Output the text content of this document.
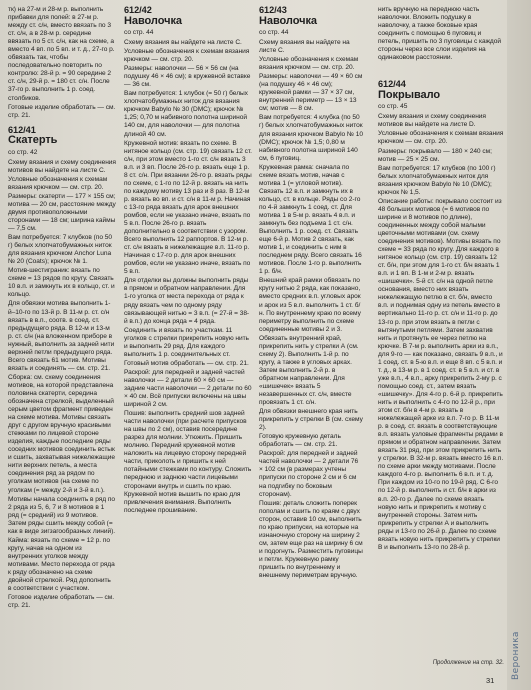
тк) на 27-м и 28-м р. выполнить прибавки для полей: в 27-м р. между ст. с/н, вместо ввязать по 3 ст. с/н, а в 28-м р. середине ввязать по 5 ст. с/н, как на схеме, а вместо 4 вп. по 5 вп. и т. д., 27-го р. обвязать так, чтобы последовательно повторить по контролю: 28-й р. = 90 середине 2 ст. с/н, 29-й р. = 180 ст. с/н. После 37-го р. выполнить 1 р. соед. столбиков.

Готовые изделие обработать — см. стр. 21.

612/41
Скатерть
со стр. 42

Схему вязания и схему соединения мотивов вы найдете на листе С.

Условные обозначения к схемам вязания крючком — см. стр. 20.

Размеры: скатерти — 177 × 155 см; мотива — 20 см, расстояние между двумя противоположными сторонами — 18 см; ширина каймы — 7,5 см.

Вам потребуется: 7 клубков (по 50 г) белых хлопчатобумажных ниток для вязания крючком Anchor Luna № 20 (Coats); крючок № 1.

Мотив-шестиграник: вязать по схеме = 13 рядов по кругу. Связать 10 в.п. и замкнуть их в кольцо, ст. и кольцо.

Для обвязки мотива выполнить 1-й–10-го по 13-й р. В 11-м р. ст. с/н вязать в в.п., соотв. в соед. ст. предыдущего ряда. В 12-м и 13-м р. ст. с/н (на вложенном приборе в нужный, выполнить за задней нити верхней петли предыдущего ряда. Всего связать 61 мотив. Мотивы вязать и соединять — см. стр. 21.

Сборка: см. схему соединения мотивов, на которой представлена половина скатерти, середина обозначена стрелкой, выделенный серым цветом фрагмент приведен на схеме мотива. Мотивы связать друг с другом вручную красивыми стежками по лицевой стороне изделия, каждые последние ряды соседних мотивов соединить встык и сшить, захватывая нижележащие нити верхних петель, а места соединения ряд за рядом по уголкам мотивов (на схеме по уголкам (= между 2-й и 3-й в.п.).

Мотивы начала соединить в ряд по 2 ряда из 5, 6, 7 и 8 мотивов в 1 ряд (= средний) из 9 мотивов. Затем ряды сшить между собой (= как в виде зигзагообразных линий).

Кайма: вязать по схеме = 12 р. по кругу, начав на одном из внутренних уголков между мотивами. Место перехода от ряда к ряду обозначено на схеме двойной стрелкой. Ряд дополнить в соответствии с участком.

Готовое изделие обработать — см. стр. 21.

612/42
Наволочка
со стр. 44

Схему вязания вы найдете на листе С.

Условные обозначения к схемам вязания крючком — см. стр. 20.

Размеры: наволочки — 56 × 56 см (на подушку 46 × 46 см); в кружевной вставке — 36 см.

Вам потребуется: 1 клубок (= 50 г) белых хлопчатобумажных ниток для вязания крючком Babylo № 30 (DMC); крючок № 1,25; 0,70 м набивного полотна шириной 140 см, для наволочки — для полотна длиной 40 см.

Кружевной мотив: вязать по схеме. В нитяное кольцо (см. стр. 19) связать 12 ст. с/н, при этом вместо 1-го ст. с/н вязать 3 в.п. и 3 вп. После 26-го р. вязать еще 1 р. 8 ст. с/н. При вязании 26-го р. вязать ряды по схеме, с 1-го по 12-й р. вязать на нить по каждому мотиву 13 раз и 8 раз. В 12-м р. вязать во вп. и ст. с/н в 11-м р. Начиная с 13-го ряда вязать для арок внешних ромбов, если не указано иначе, вязать по 5 в.п. После 26-го р. вязать дополнительно в соответствии с узором. Всего выполнить 12 раппортов. В 12-м р. ст. с/н вязать в нижележащие в.п. 11-го р. Начиная с 17-го р. для арок внешних ромбов, если не указано иначе, вязать по 5 в.п.

Для отделки вы должны выполнить ряды в прямом и обратном направлении. Для 1-го уголка от места перехода от ряда к ряду вязать чем по одному ряду связывающей нитью = 3 в.п. (= 27-й = 38-й в.п.) до конца ряда = 4 ряда.

Соединить и вязать по участкам. 11 уголков с стрелки прикрепить новую нить и выполнить 29 ряд. Для каждого выполнить 1 р. соединительных ст.

Готовый мотив обработать — см. стр. 21.

Раскрой: для передней и задней частей наволочки — 2 детали 60 × 60 см — задние части наволочки — 2 детали по 60 × 40 см. Всё припуски включены на швы шириной 2 см.

Пошив: выполнить средний шов задней части наволочки (при расчете припусков на швы по 2 см), оставив посередине разрез для молнии. Утюжить. Пришить молнию. Передний кружевной мотив наложить на лицевую сторону передней части, приколоть и пришить к ней потайными стежками по контуру. Сложить переднюю и заднюю части лицевыми сторонами внутрь и сшить по краю. Кружевной мотив вышить по краю для привлечения внимания. Выполнить последнее прошивание.

612/43
Наволочка
со стр. 44

Схему вязания вы найдете на листе С.

Условные обозначения к схемам вязания крючком — см. стр. 20.

Размеры: наволочки — 49 × 60 см (на подушку 46 × 46 см); кружевной рамки — 37 × 37 см, внутренний периметр — 13 × 13 см; мотив — 8 см.

Вам потребуется: 4 клубка (по 50 г) белых хлопчатобумажных ниток для вязания крючком Babylo № 10 (DMC); крючок № 1,5; 0,80 м набивного полотна шириной 140 см, 6 пуговиц.

Кружевная рамка: сначала по схеме вязать мотив, начав с мотива 1 (= угловой мотив). Связать 12 в.п. и замкнуть их в кольцо, ст. в кольце. Ряды со 2-го по 4-й замкнуть 1 соед. ст. Для мотива 1 в 5-м р. вязать 4 в.п. и замкнуть без подъема 1 ст. с/н. Выполнить 1 р. соед. ст. Связать еще 6-й р. Мотив 2 связать, как мотив 1, и соединить с ним в последнем ряду. Всего связать 16 мотивов. После 1-го р. выполнить 1 р. б/н.

Внешний край рамки обвязать по кругу нитью 2 ряда, как показано, вместо средних в.п. угловых арок и арок из 5 в.п. выполнить 1 ст. б/н. По внутреннему краю по всему периметру выполнить по схеме соединенные мотивы 2 и 3.

Обвязать внутренний край, прикрепить нить у стрелки А (см. схему 2). Выполнить 1-й р. по кругу, а также в угловых арках. Затем выполнить 2-й р. в обратном направлении. Для «шишечек» вязать 5 незавершенных ст. с/н, вместе провязать 1 ст. с/н.

Для обвязки внешнего края нить прикрепить у стрелки В (см. схему 2).

Готовую кружевную деталь обработать — см. стр. 21.

Раскрой: для передней и задней частей наволочки — 2 детали 76 × 102 см (в размерах учтены припуски по стороне 2 см и 6 см на подгибку по боковым сторонам).

Пошив: деталь сложить поперек пополам и сшить по краям с двух сторон, оставив 10 см, выполнить по краю припуски, на которые на изнаночную сторону на ширину 2 см, затем еще раз на ширину 6 см и подогнуть. Разместить пуговицы и петли. Кружевную рамку пришить по внутреннему и внешнему периметрам вручную.

нить вручную на переднюю часть наволочки. Вложить подушку в наволочку, а также боковые края соединить с помощью 6 пуговиц и петель, пришить по 3 пуговицы с каждой стороны через все слои изделия на одинаковом расстоянии.

612/44
Покрывало
со стр. 45

Схему вязания и схему соединения мотивов вы найдете на листе D.

Условные обозначения к схемам вязания крючком — см. стр. 20.

Размеры: покрывало — 180 × 240 см; мотив — 25 × 25 см.

Вам потребуется: 17 клубков (по 100 г) белых хлопчатобумажных ниток для вязания крючком Babylo № 10 (DMC); крючок № 1,5.

Описание работы: покрывало состоит из 48 больших мотивов (= 6 мотивов по ширине и 8 мотивов по длине), соединенных между собой малыми цветочными мотивами (см. схему соединения мотивов). Мотивы вязать по схеме = 33 ряда по кругу. Для каждого в нитяное кольцо (см. стр. 19) связать 12 ст. б/н, при этом для 1-го ст. б/н вязать 1 в.п. и 1 вп. В 1-м и 2-м р. вязать «шишечки». 5-й ст. с/н на одной петле основания, вместо них вязать нижележащую петлю в ст. б/н, вместо в.п. и поднимая одну из петель вместо в вертикально 11-го р. ст. с/н и 11-го р. до 13-го р. при этом вязать в петли с вытянутыми петлями. Затем захватив нить и протянуть ее через петлю на крючке. В 7-м р. выполнить арки из в.п., для 9-го — как показано, связать 9 в.п., и 1 соед. ст. в 5-ю в.п. и еще 8 вп. с 5 в.п. и т. д., в 13-м р. в 1 соед. ст. в 5 в.п. и ст. в уже в.п., 4 в.п., арку прикрепить 2-му р. с помощью соед. ст., затем вязать «шишечку». Для 4-го р. 6-й р. прикрепить нить и выполнить с 4-го по 12-й р., при этом ст. б/н в 4-м р. вязать в нижележащей арке из в.п. 7-го р. В 11-м р. в соед. ст. вязать в соответствующие в.п. вязать узловые фрагменты рядами в прямом и обратном направлении. Затем вязать 31 ряд, при этом прикрепить нить у стрелки. В 32-м р. вязать вместо 16 в.п. по схеме арки между мотивами. После каждого 4-го р. выполнить 6 в.п. и т. д. При каждом из 10-го по 19-й ряд. С 6-го по 12-й р. выполнить и ст. б/н в арки из в.п. 20-го р. Далее по схеме вязать новую нить и прикрепить к мотиву с внутренней стороны. Затем нить прикрепить у стрелки А и выполнить ряды и 13-го по 26-й р. Далее по схеме вязать новую нить прикрепить у стрелки В и выполнить 13-го по 28-й р.

Продолжение на стр. 32.
31
Вероника
